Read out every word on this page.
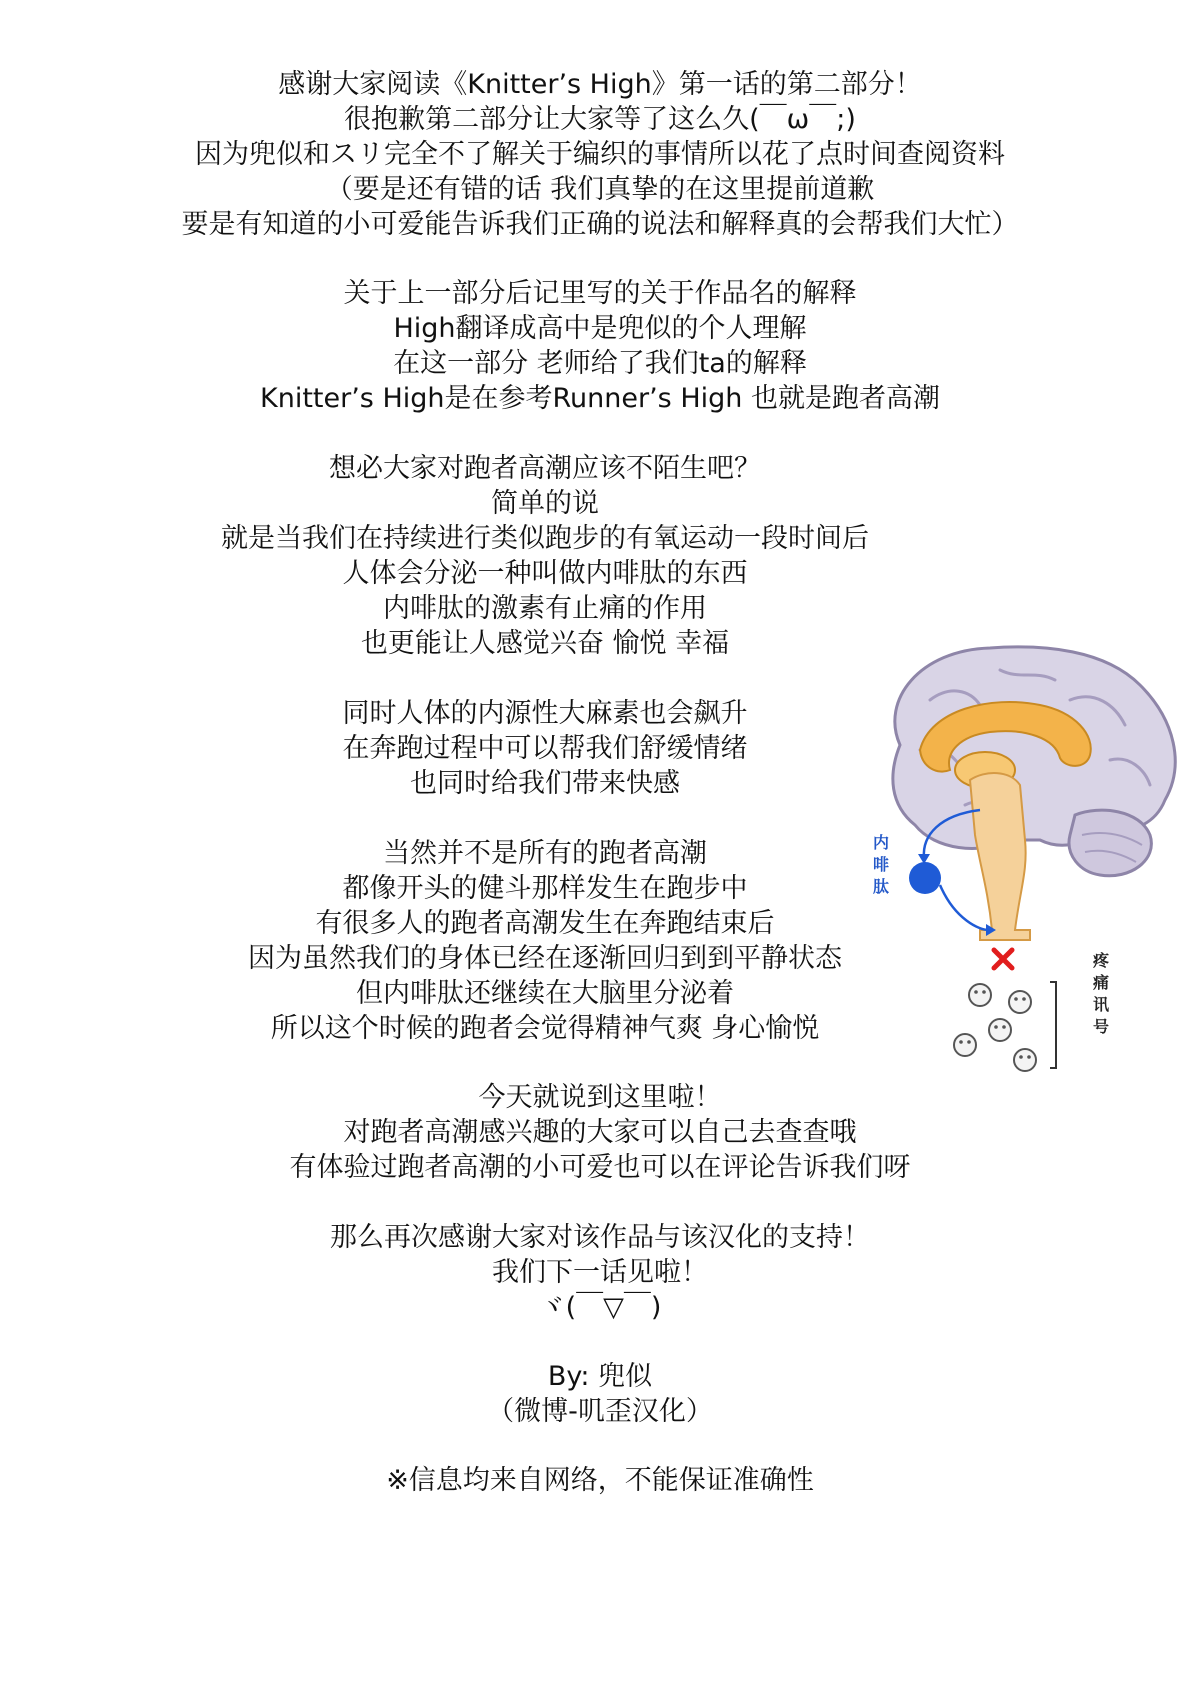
感谢大家阅读《Knitter’s High》第一话的第二部分！
很抱歉第二部分让大家等了这么久(￣ω￣;)
因为兜似和スリ完全不了解关于编织的事情所以花了点时间查阅资料
（要是还有错的话 我们真挚的在这里提前道歉
要是有知道的小可爱能告诉我们正确的说法和解释真的会帮我们大忙）
关于上一部分后记里写的关于作品名的解释
High翻译成高中是兜似的个人理解
在这一部分 老师给了我们ta的解释
Knitter’s High是在参考Runner’s High 也就是跑者高潮
想必大家对跑者高潮应该不陌生吧？
简单的说
就是当我们在持续进行类似跑步的有氧运动一段时间后
人体会分泌一种叫做内啡肽的东西
内啡肽的激素有止痛的作用
也更能让人感觉兴奋 愉悦 幸福
同时人体的内源性大麻素也会飙升
在奔跑过程中可以帮我们舒缓情绪
也同时给我们带来快感
当然并不是所有的跑者高潮
都像开头的健斗那样发生在跑步中
有很多人的跑者高潮发生在奔跑结束后
因为虽然我们的身体已经在逐渐回归到到平静状态
但内啡肽还继续在大脑里分泌着
所以这个时候的跑者会觉得精神气爽 身心愉悦
今天就说到这里啦！
对跑者高潮感兴趣的大家可以自己去查查哦
有体验过跑者高潮的小可爱也可以在评论告诉我们呀
那么再次感谢大家对该作品与该汉化的支持！
我们下一话见啦！
ヾ(￣▽￣)
By: 兜似
（微博-叽歪汉化）
※信息均来自网络，不能保证准确性
内啡肽
疼痛讯号
